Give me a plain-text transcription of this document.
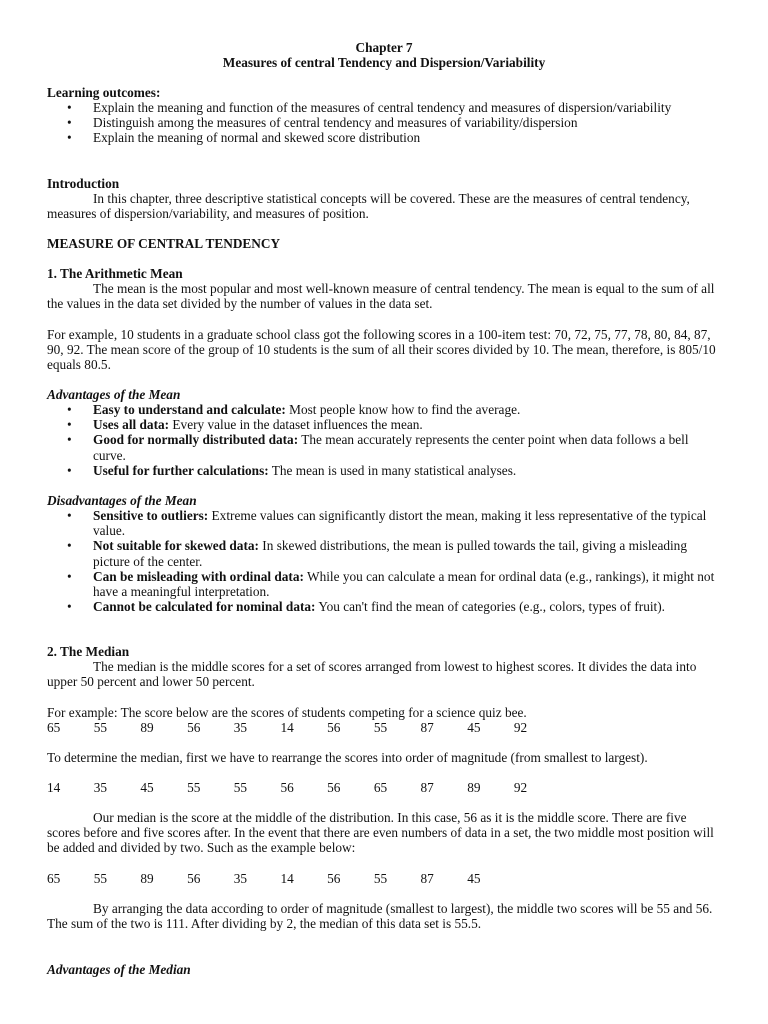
Chapter 7

Measures of central Tendency and Dispersion/Variability

Learning outcomes:

• Explain the meaning and function of the measures of central tendency and measures of dispersion/variability
• Distinguish among the measures of central tendency and measures of variability/dispersion
• Explain the meaning of normal and skewed score distribution

Introduction

In this chapter, three descriptive statistical concepts will be covered. These are the measures of central tendency, measures of dispersion/variability, and measures of position.

MEASURE OF CENTRAL TENDENCY

1. The Arithmetic Mean

The mean is the most popular and most well-known measure of central tendency. The mean is equal to the sum of all the values in the data set divided by the number of values in the data set.

For example, 10 students in a graduate school class got the following scores in a 100-item test: 70, 72, 75, 77, 78, 80, 84, 87, 90, 92. The mean score of the group of 10 students is the sum of all their scores divided by 10. The mean, therefore, is 805/10 equals 80.5.

Advantages of the Mean

• Easy to understand and calculate: Most people know how to find the average.
• Uses all data: Every value in the dataset influences the mean.
• Good for normally distributed data: The mean accurately represents the center point when data follows a bell curve.
• Useful for further calculations: The mean is used in many statistical analyses.

Disadvantages of the Mean

• Sensitive to outliers: Extreme values can significantly distort the mean, making it less representative of the typical value.
• Not suitable for skewed data: In skewed distributions, the mean is pulled towards the tail, giving a misleading picture of the center.
• Can be misleading with ordinal data: While you can calculate a mean for ordinal data (e.g., rankings), it might not have a meaningful interpretation.
• Cannot be calculated for nominal data: You can't find the mean of categories (e.g., colors, types of fruit).

2. The Median

The median is the middle scores for a set of scores arranged from lowest to highest scores. It divides the data into upper 50 percent and lower 50 percent.

For example: The score below are the scores of students competing for a science quiz bee.

65	55	89	56	35	14	56	55	87	45	92

To determine the median, first we have to rearrange the scores into order of magnitude (from smallest to largest).

14	35	45	55	55	56	56	65	87	89	92

Our median is the score at the middle of the distribution. In this case, 56 as it is the middle score. There are five scores before and five scores after. In the event that there are even numbers of data in a set, the two middle most position will be added and divided by two. Such as the example below:

65	55	89	56	35	14	56	55	87	45

By arranging the data according to order of magnitude (smallest to largest), the middle two scores will be 55 and 56. The sum of the two is 111. After dividing by 2, the median of this data set is 55.5.

Advantages of the Median
